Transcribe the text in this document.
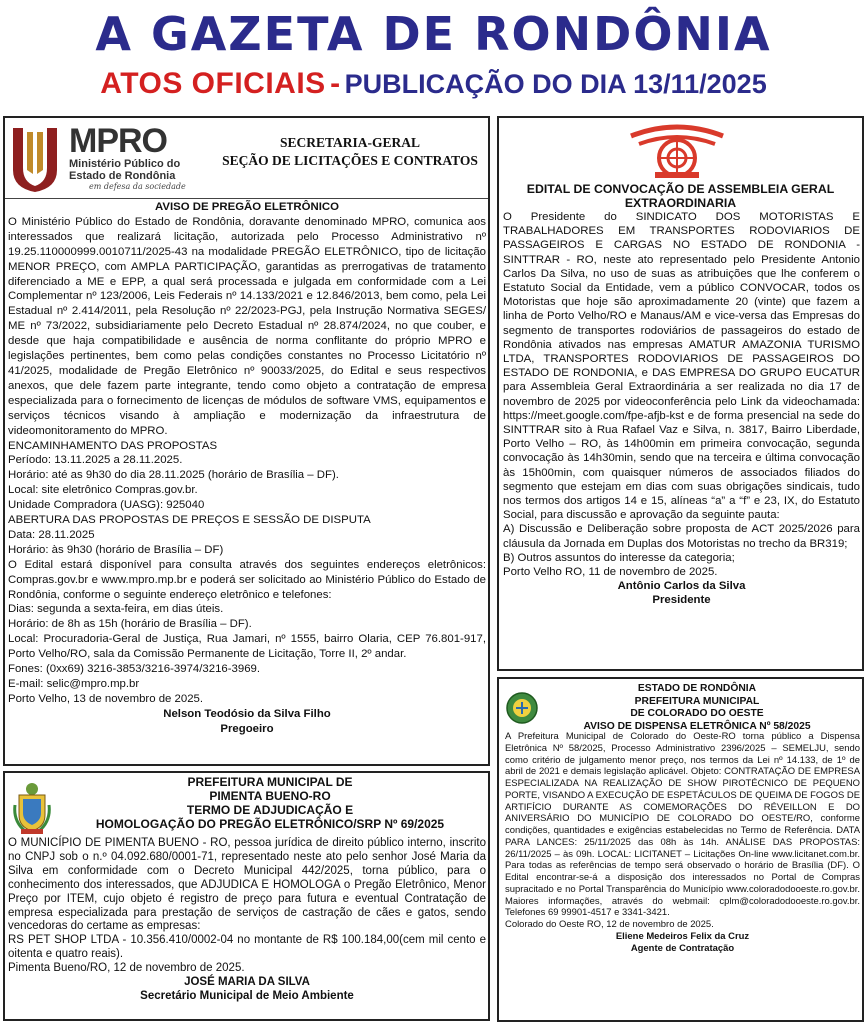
A GAZETA DE RONDÔNIA
ATOS OFICIAIS - PUBLICAÇÃO DO DIA 13/11/2025
MPRO
Ministério Público do
Estado de Rondônia
em defesa da sociedade
SECRETARIA-GERAL
SEÇÃO DE LICITAÇÕES E CONTRATOS

AVISO DE PREGÃO ELETRÔNICO

O Ministério Público do Estado de Rondônia, doravante denominado MPRO, comunica aos interessados que realizará licitação, autorizada pelo Processo Administrativo nº 19.25.110000999.0010711/2025-43 na modalidade PREGÃO ELETRÔNICO, tipo de licitação MENOR PREÇO, com AMPLA PARTICIPAÇÃO, garantidas as prerrogativas de tratamento diferenciado a ME e EPP, a qual será processada e julgada em conformidade com a Lei Complementar nº 123/2006, Leis Federais nº 14.133/2021 e 12.846/2013, bem como, pela Lei Estadual nº 2.414/2011, pela Resolução nº 22/2023-PGJ, pela Instrução Normativa SEGES/ ME nº 73/2022, subsidiariamente pelo Decreto Estadual nº 28.874/2024, no que couber, e desde que haja compatibilidade e ausência de norma conflitante do próprio MPRO e legislações pertinentes, bem como pelas condições constantes no Processo Licitatório nº 41/2025, modalidade de Pregão Eletrônico nº 90033/2025, do Edital e seus respectivos anexos, que dele fazem parte integrante, tendo como objeto a contratação de empresa especializada para o fornecimento de licenças de módulos de software VMS, equipamentos e serviços técnicos visando à ampliação e modernização da infraestrutura de videomonitoramento do MPRO.

ENCAMINHAMENTO DAS PROPOSTAS

Período: 13.11.2025 a 28.11.2025.

Horário: até as 9h30 do dia 28.11.2025 (horário de Brasília – DF).

Local: site eletrônico Compras.gov.br.

Unidade Compradora (UASG): 925040

ABERTURA DAS PROPOSTAS DE PREÇOS E SESSÃO DE DISPUTA

Data: 28.11.2025

Horário: às 9h30 (horário de Brasília – DF)

O Edital estará disponível para consulta através dos seguintes endereços eletrônicos: Compras.gov.br e www.mpro.mp.br e poderá ser solicitado ao Ministério Público do Estado de Rondônia, conforme o seguinte endereço eletrônico e telefones:

Dias: segunda a sexta-feira, em dias úteis.

Horário: de 8h as 15h (horário de Brasília – DF).

Local: Procuradoria-Geral de Justiça, Rua Jamari, nº 1555, bairro Olaria, CEP 76.801-917, Porto Velho/RO, sala da Comissão Permanente de Licitação, Torre II, 2º andar.

Fones: (0xx69) 3216-3853/3216-3974/3216-3969.

E-mail: selic@mpro.mp.br

Porto Velho, 13 de novembro de 2025.

Nelson Teodósio da Silva Filho

Pregoeiro

PREFEITURA MUNICIPAL DE
PIMENTA BUENO-RO
TERMO DE ADJUDICAÇÃO E
HOMOLOGAÇÃO DO PREGÃO ELETRÔNICO/SRP Nº 69/2025

O MUNICÍPIO DE PIMENTA BUENO - RO, pessoa jurídica de direito público interno, inscrito no CNPJ sob o n.º 04.092.680/0001-71, representado neste ato pelo senhor José Maria da Silva em conformidade com o Decreto Municipal 442/2025, torna público, para o conhecimento dos interessados, que ADJUDICA E HOMOLOGA o Pregão Eletrônico, Menor Preço por ITEM, cujo objeto é registro de preço para futura e eventual Contratação de empresa especializada para prestação de serviços de castração de cães e gatos, sendo vencedoras do certame as empresas:

RS PET SHOP LTDA - 10.356.410/0002-04 no montante de R$ 100.184,00(cem mil cento e oitenta e quatro reais).

Pimenta Bueno/RO, 12 de novembro de 2025.

JOSÉ MARIA DA SILVA

Secretário Municipal de Meio Ambiente

EDITAL DE CONVOCAÇÃO DE ASSEMBLEIA GERAL
EXTRAORDINARIA

O Presidente do SINDICATO DOS MOTORISTAS E TRABALHADORES EM TRANSPORTES RODOVIARIOS DE PASSAGEIROS E CARGAS NO ESTADO DE RONDONIA - SINTTRAR - RO, neste ato representado pelo Presidente Antonio Carlos Da Silva, no uso de suas as atribuições que lhe conferem o Estatuto Social da Entidade, vem a público CONVOCAR, todos os Motoristas que hoje são aproximadamente 20 (vinte) que fazem a linha de Porto Velho/RO e Manaus/AM e vice-versa das Empresas do segmento de transportes rodoviários de passageiros do estado de Rondônia ativados nas empresas AMATUR AMAZONIA TURISMO LTDA, TRANSPORTES RODOVIARIOS DE PASSAGEIROS DO ESTADO DE RONDONIA, e DAS EMPRESA DO GRUPO EUCATUR para Assembleia Geral Extraordinária a ser realizada no dia 17 de novembro de 2025 por videoconferência pelo Link da videochamada: https://meet.google.com/fpe-afjb-kst e de forma presencial na sede do SINTTRAR sito à Rua Rafael Vaz e Silva, n. 3817, Bairro Liberdade, Porto Velho – RO, às 14h00min em primeira convocação, segunda convocação às 14h30min, sendo que na terceira e última convocação às 15h00min, com quaisquer números de associados filiados do segmento que estejam em dias com suas obrigações sindicais, tudo nos termos dos artigos 14 e 15, alíneas “a” a “f” e 23, IX, do Estatuto Social, para discussão e aprovação da seguinte pauta:

A) Discussão e Deliberação sobre proposta de ACT 2025/2026 para cláusula da Jornada em Duplas dos Motoristas no trecho da BR319;

B) Outros assuntos do interesse da categoria;

Porto Velho RO, 11 de novembro de 2025.

Antônio Carlos da Silva

Presidente

ESTADO DE RONDÔNIA
PREFEITURA MUNICIPAL
DE COLORADO DO OESTE
AVISO DE DISPENSA ELETRÔNICA Nº 58/2025

A Prefeitura Municipal de Colorado do Oeste-RO torna público a Dispensa Eletrônica Nº 58/2025, Processo Administrativo 2396/2025 – SEMELJU, sendo como critério de julgamento menor preço, nos termos da Lei nº 14.133, de 1º de abril de 2021 e demais legislação aplicável. Objeto: CONTRATAÇÃO DE EMPRESA ESPECIALIZADA NA REALIZAÇÃO DE SHOW PIROTÉCNICO DE PEQUENO PORTE, VISANDO A EXECUÇÃO DE ESPETÁCULOS DE QUEIMA DE FOGOS DE ARTIFÍCIO DURANTE AS COMEMORAÇÕES DO RÉVEILLON E DO ANIVERSÁRIO DO MUNICÍPIO DE COLORADO DO OESTE/RO, conforme condições, quantidades e exigências estabelecidas no Termo de Referência. DATA PARA LANCES: 25/11/2025 das 08h às 14h. ANÁLISE DAS PROPOSTAS: 26/11/2025 – às 09h. LOCAL: LICITANET – Licitações On-line www.licitanet.com.br. Para todas as referências de tempo será observado o horário de Brasília (DF). O Edital encontrar-se-á a disposição dos interessados no Portal de Compras supracitado e no Portal Transparência do Município www.coloradodooeste.ro.gov.br. Maiores informações, através do webmail: cplm@coloradodooeste.ro.gov.br. Telefones 69 99901-4517 e 3341-3421.

Colorado do Oeste RO, 12 de novembro de 2025.

Eliene Medeiros Felix da Cruz

Agente de Contratação
